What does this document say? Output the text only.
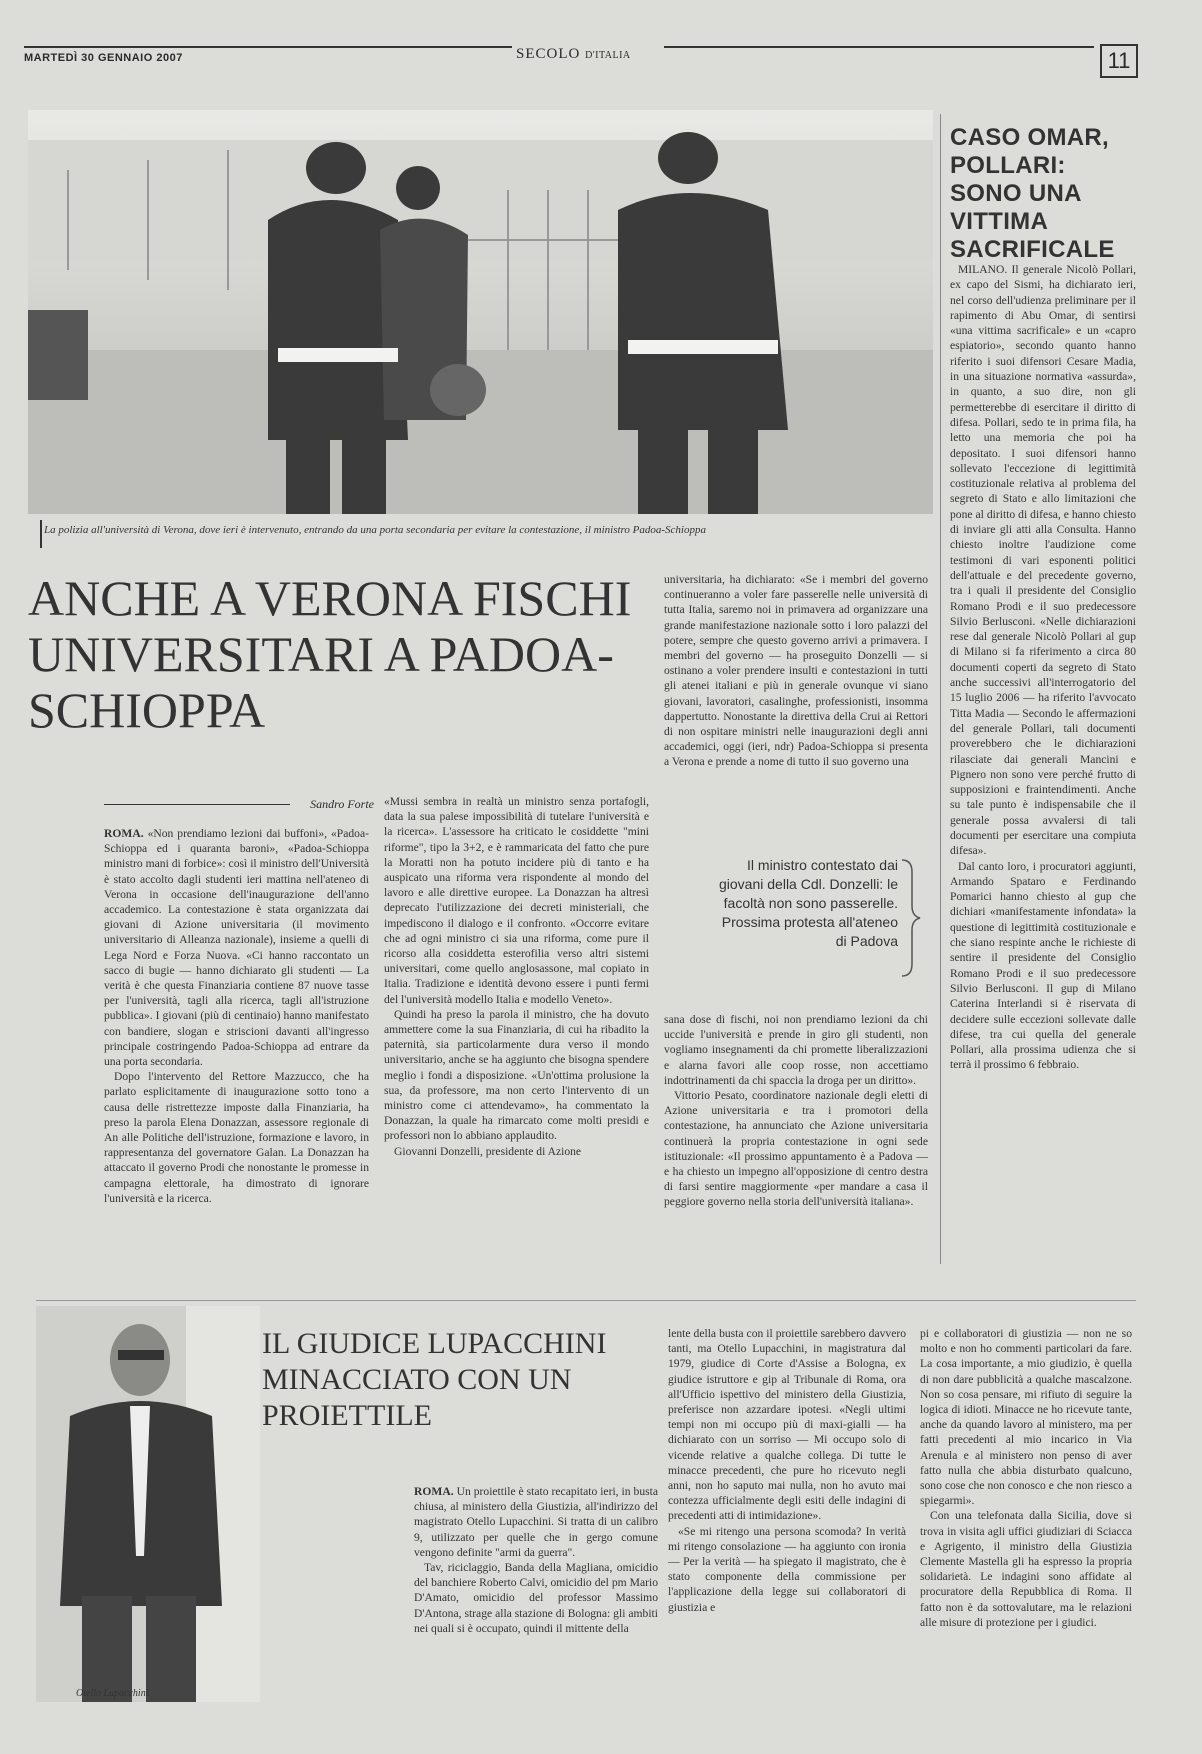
MARTEDÌ 30 GENNAIO 2007	SECOLO D'ITALIA	11
La polizia all'università di Verona, dove ieri è intervenuto, entrando da una porta secondaria per evitare la contestazione, il ministro Padoa-Schioppa
ANCHE A VERONA FISCHI UNIVERSITARI A PADOA-SCHIOPPA
Sandro Forte

ROMA. «Non prendiamo lezioni dai buffoni», «Padoa-Schioppa ed i quaranta baroni», «Padoa-Schioppa ministro mani di forbice»: così il ministro dell'Università è stato accolto dagli studenti ieri mattina nell'ateneo di Verona in occasione dell'inaugurazione dell'anno accademico. La contestazione è stata organizzata dai giovani di Azione universitaria (il movimento universitario di Alleanza nazionale), insieme a quelli di Lega Nord e Forza Nuova. «Ci hanno raccontato un sacco di bugie — hanno dichiarato gli studenti — La verità è che questa Finanziaria contiene 87 nuove tasse per l'università, tagli alla ricerca, tagli all'istruzione pubblica». I giovani (più di centinaio) hanno manifestato con bandiere, slogan e striscioni davanti all'ingresso principale costringendo Padoa-Schioppa ad entrare da una porta secondaria.

Dopo l'intervento del Rettore Mazzucco, che ha parlato esplicitamente di inaugurazione sotto tono a causa delle ristrettezze imposte dalla Finanziaria, ha preso la parola Elena Donazzan, assessore regionale di An alle Politiche dell'istruzione, formazione e lavoro, in rappresentanza del governatore Galan. La Donazzan ha attaccato il governo Prodi che nonostante le promesse in campagna elettorale, ha dimostrato di ignorare l'università e la ricerca.

«Mussi sembra in realtà un ministro senza portafogli, data la sua palese impossibilità di tutelare l'università e la ricerca». L'assessore ha criticato le cosiddette "mini riforme", tipo la 3+2, e è rammaricata del fatto che pure la Moratti non ha potuto incidere più di tanto e ha auspicato una riforma vera rispondente al mondo del lavoro e alle direttive europee. La Donazzan ha altresì deprecato l'utilizzazione dei decreti ministeriali, che impediscono il dialogo e il confronto. «Occorre evitare che ad ogni ministro ci sia una riforma, come pure il ricorso alla cosiddetta esterofilia verso altri sistemi universitari, come quello anglosassone, mal copiato in Italia. Tradizione e identità devono essere i punti fermi del l'università modello Italia e modello Veneto».

Quindi ha preso la parola il ministro, che ha dovuto ammettere come la sua Finanziaria, di cui ha ribadito la paternità, sia particolarmente dura verso il mondo universitario, anche se ha aggiunto che bisogna spendere meglio i fondi a disposizione. «Un'ottima prolusione la sua, da professore, ma non certo l'intervento di un ministro come ci attendevamo», ha commentato la Donazzan, la quale ha rimarcato come molti presidi e professori non lo abbiano applaudito.

Giovanni Donzelli, presidente di Azione

universitaria, ha dichiarato: «Se i membri del governo continueranno a voler fare passerelle nelle università di tutta Italia, saremo noi in primavera ad organizzare una grande manifestazione nazionale sotto i loro palazzi del potere, sempre che questo governo arrivi a primavera. I membri del governo — ha proseguito Donzelli — si ostinano a voler prendere insulti e contestazioni in tutti gli atenei italiani e più in generale ovunque vi siano giovani, lavoratori, casalinghe, professionisti, insomma dappertutto. Nonostante la direttiva della Crui ai Rettori di non ospitare ministri nelle inaugurazioni degli anni accademici, oggi (ieri, ndr) Padoa-Schioppa si presenta a Verona e prende a nome di tutto il suo governo una

Il ministro contestato dai giovani della Cdl. Donzelli: le facoltà non sono passerelle. Prossima protesta all'ateneo di Padova

sana dose di fischi, noi non prendiamo lezioni da chi uccide l'università e prende in giro gli studenti, non vogliamo insegnamenti da chi promette liberalizzazioni e alarna favori alle coop rosse, non accettiamo indottrinamenti da chi spaccia la droga per un diritto».

Vittorio Pesato, coordinatore nazionale degli eletti di Azione universitaria e tra i promotori della contestazione, ha annunciato che Azione universitaria continuerà la propria contestazione in ogni sede istituzionale: «Il prossimo appuntamento è a Padova — e ha chiesto un impegno all'opposizione di centro destra di farsi sentire maggiormente «per mandare a casa il peggiore governo nella storia dell'università italiana».

CASO OMAR, POLLARI: SONO UNA VITTIMA SACRIFICALE

MILANO. Il generale Nicolò Pollari, ex capo del Sismi, ha dichiarato ieri, nel corso dell'udienza preliminare per il rapimento di Abu Omar, di sentirsi «una vittima sacrificale» e un «capro espiatorio», secondo quanto hanno riferito i suoi difensori Cesare Madia, in una situazione normativa «assurda», in quanto, a suo dire, non gli permetterebbe di esercitare il diritto di difesa. Pollari, sedo te in prima fila, ha letto una memoria che poi ha depositato. I suoi difensori hanno sollevato l'eccezione di legittimità costituzionale relativa al problema del segreto di Stato e allo limitazioni che pone al diritto di difesa, e hanno chiesto di inviare gli atti alla Consulta. Hanno chiesto inoltre l'audizione come testimoni di vari esponenti politici dell'attuale e del precedente governo, tra i quali il presidente del Consiglio Romano Prodi e il suo predecessore Silvio Berlusconi. «Nelle dichiarazioni rese dal generale Nicolò Pollari al gup di Milano si fa riferimento a circa 80 documenti coperti da segreto di Stato anche successivi all'interrogatorio del 15 luglio 2006 — ha riferito l'avvocato Titta Madia — Secondo le affermazioni del generale Pollari, tali documenti proverebbero che le dichiarazioni rilasciate dai generali Mancini e Pignero non sono vere perché frutto di supposizioni e fraintendimenti. Anche su tale punto è indispensabile che il generale possa avvalersi di tali documenti per esercitare una compiuta difesa».

Dal canto loro, i procuratori aggiunti, Armando Spataro e Ferdinando Pomarici hanno chiesto al gup che dichiari «manifestamente infondata» la questione di legittimità costituzionale e che siano respinte anche le richieste di sentire il presidente del Consiglio Romano Prodi e il suo predecessore Silvio Berlusconi. Il gup di Milano Caterina Interlandi si è riservata di decidere sulle eccezioni sollevate dalle difese, tra cui quella del generale Pollari, alla prossima udienza che si terrà il prossimo 6 febbraio.

Otello Lupacchini
IL GIUDICE LUPACCHINI MINACCIATO CON UN PROIETTILE

ROMA. Un proiettile è stato recapitato ieri, in busta chiusa, al ministero della Giustizia, all'indirizzo del magistrato Otello Lupacchini. Si tratta di un calibro 9, utilizzato per quelle che in gergo comune vengono definite "armi da guerra".

Tav, riciclaggio, Banda della Magliana, omicidio del banchiere Roberto Calvi, omicidio del pm Mario D'Amato, omicidio del professor Massimo D'Antona, strage alla stazione di Bologna: gli ambiti nei quali si è occupato, quindi il mittente della

lente della busta con il proiettile sarebbero davvero tanti, ma Otello Lupacchini, in magistratura dal 1979, giudice di Corte d'Assise a Bologna, ex giudice istruttore e gip al Tribunale di Roma, ora all'Ufficio ispettivo del ministero della Giustizia, preferisce non azzardare ipotesi. «Negli ultimi tempi non mi occupo più di maxi-gialli — ha dichiarato con un sorriso — Mi occupo solo di vicende relative a qualche collega. Di tutte le minacce precedenti, che pure ho ricevuto negli anni, non ho saputo mai nulla, non ho avuto mai contezza ufficialmente degli esiti delle indagini di precedenti atti di intimidazione».

«Se mi ritengo una persona scomoda? In verità mi ritengo consolazione — ha aggiunto con ironia — Per la verità — ha spiegato il magistrato, che è stato componente della commissione per l'applicazione della legge sui collaboratori di giustizia e

pi e collaboratori di giustizia — non ne so molto e non ho commenti particolari da fare. La cosa importante, a mio giudizio, è quella di non dare pubblicità a qualche mascalzone. Non so cosa pensare, mi rifiuto di seguire la logica di idioti. Minacce ne ho ricevute tante, anche da quando lavoro al ministero, ma per fatti precedenti al mio incarico in Via Arenula e al ministero non penso di aver fatto nulla che abbia disturbato qualcuno, sono cose che non conosco e che non riesco a spiegarmi».

Con una telefonata dalla Sicilia, dove si trova in visita agli uffici giudiziari di Sciacca e Agrigento, il ministro della Giustizia Clemente Mastella gli ha espresso la propria solidarietà. Le indagini sono affidate al procuratore della Repubblica di Roma. Il fatto non è da sottovalutare, ma le relazioni alle misure di protezione per i giudici.
